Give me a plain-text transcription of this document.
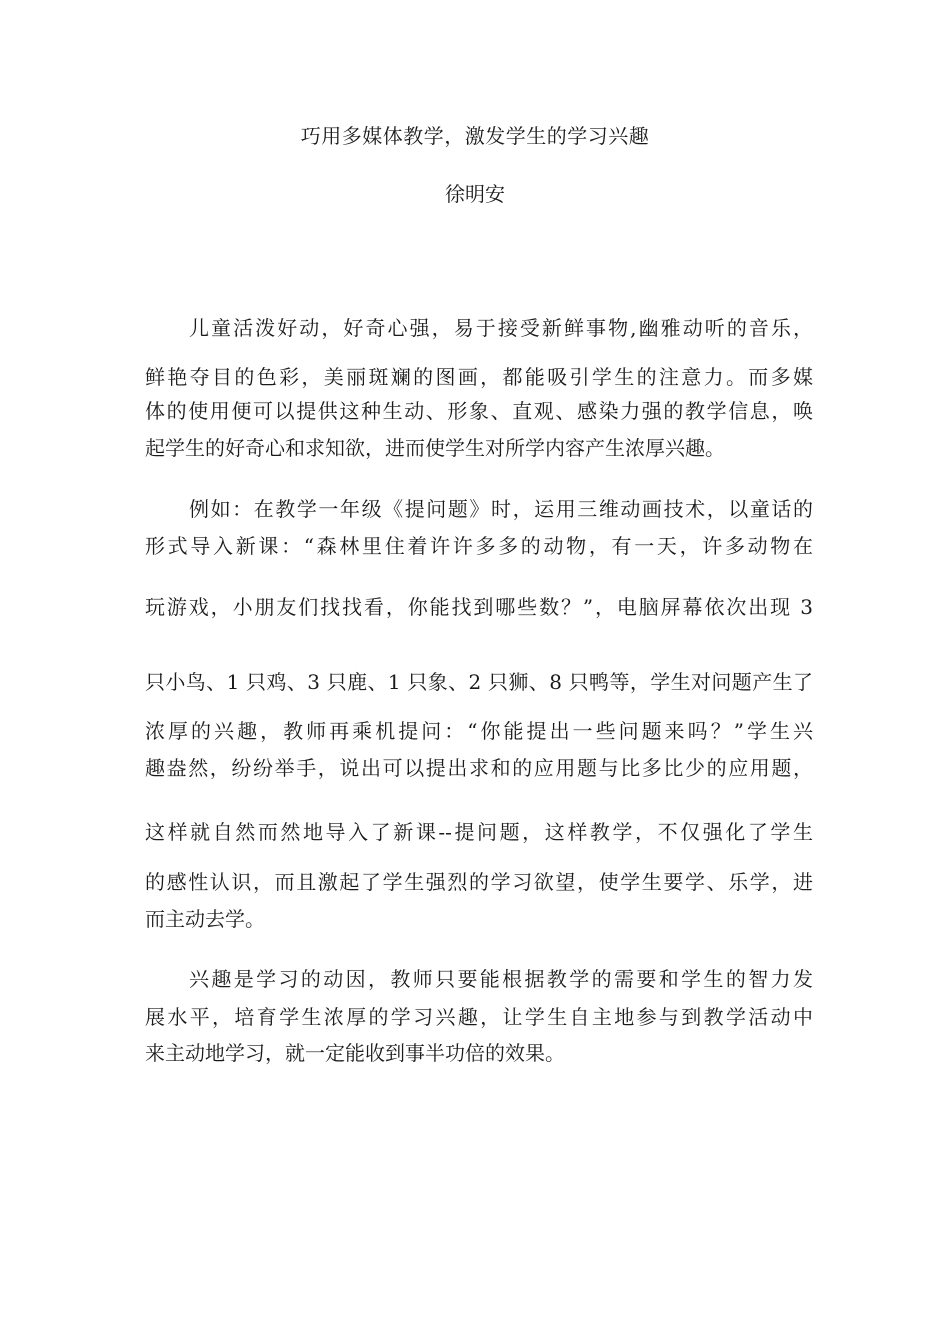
巧用多媒体教学，激发学生的学习兴趣
徐明安
儿童活泼好动，好奇心强，易于接受新鲜事物,幽雅动听的音乐，
鲜艳夺目的色彩，美丽斑斓的图画，都能吸引学生的注意力。而多媒
体的使用便可以提供这种生动、形象、直观、感染力强的教学信息，唤
起学生的好奇心和求知欲，进而使学生对所学内容产生浓厚兴趣。
例如：在教学一年级《提问题》时，运用三维动画技术，以童话的
形式导入新课：“森林里住着许许多多的动物，有一天，许多动物在
玩游戏，小朋友们找找看，你能找到哪些数？”，电脑屏幕依次出现 3
只小鸟、1 只鸡、3 只鹿、1 只象、2 只狮、8 只鸭等，学生对问题产生了
浓厚的兴趣，教师再乘机提问：“你能提出一些问题来吗？”学生兴
趣盎然，纷纷举手，说出可以提出求和的应用题与比多比少的应用题，
这样就自然而然地导入了新课--提问题，这样教学，不仅强化了学生
的感性认识，而且激起了学生强烈的学习欲望，使学生要学、乐学，进
而主动去学。
兴趣是学习的动因，教师只要能根据教学的需要和学生的智力发
展水平，培育学生浓厚的学习兴趣，让学生自主地参与到教学活动中
来主动地学习，就一定能收到事半功倍的效果。
